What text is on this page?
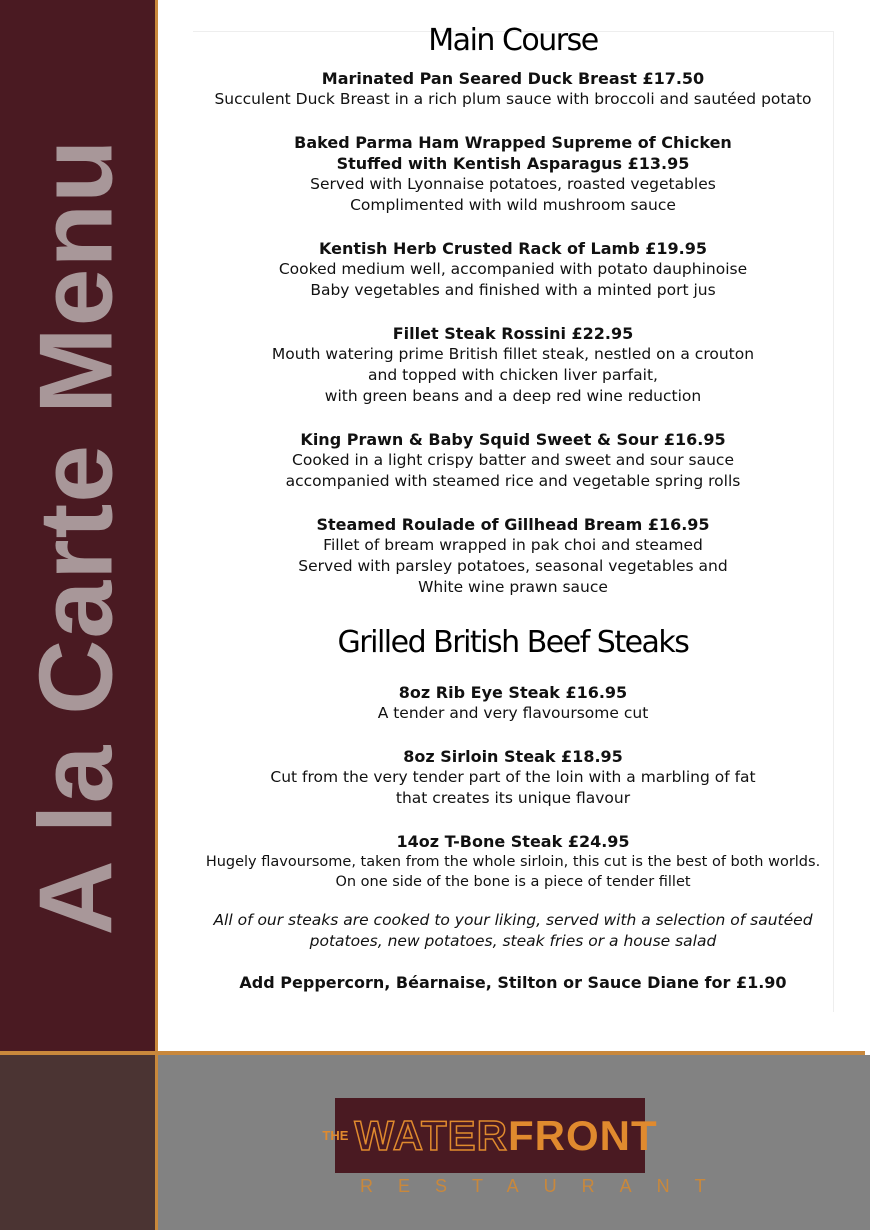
A la Carte Menu
THE WATER FRONT
RESTAURANT
Main Course
Marinated Pan Seared Duck Breast £17.50
Succulent Duck Breast in a rich plum sauce with broccoli and sautéed potato
Baked Parma Ham Wrapped Supreme of Chicken
Stuffed with Kentish Asparagus £13.95
Served with Lyonnaise potatoes, roasted vegetables
Complimented with wild mushroom sauce
Kentish Herb Crusted Rack of Lamb £19.95
Cooked medium well, accompanied with potato dauphinoise
Baby vegetables and finished with a minted port jus
Fillet Steak Rossini £22.95
Mouth watering prime British fillet steak, nestled on a crouton
and topped with chicken liver parfait,
with green beans and a deep red wine reduction
King Prawn & Baby Squid Sweet & Sour £16.95
Cooked in a light crispy batter and sweet and sour sauce
accompanied with steamed rice and vegetable spring rolls
Steamed Roulade of Gillhead Bream £16.95
Fillet of bream wrapped in pak choi and steamed
Served with parsley potatoes, seasonal vegetables and
White wine prawn sauce
Grilled British Beef Steaks
8oz Rib Eye Steak £16.95
A tender and very flavoursome cut
8oz Sirloin Steak £18.95
Cut from the very tender part of the loin with a marbling of fat
that creates its unique flavour
14oz T-Bone Steak £24.95
Hugely flavoursome, taken from the whole sirloin, this cut is the best of both worlds.
On one side of the bone is a piece of tender fillet
All of our steaks are cooked to your liking, served with a selection of sautéed
potatoes, new potatoes, steak fries or a house salad
Add Peppercorn, Béarnaise, Stilton or Sauce Diane for £1.90
